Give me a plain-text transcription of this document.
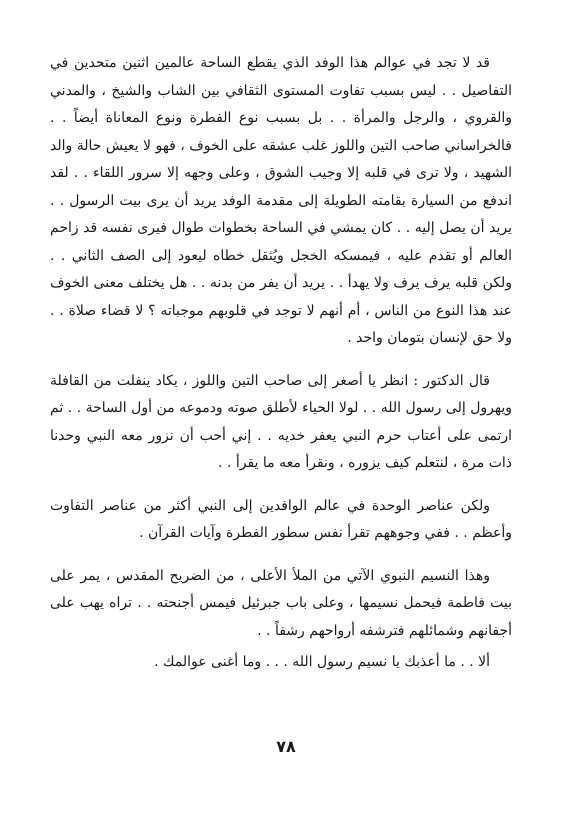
قد لا تجد في عوالم هذا الوفد الذي يقطع الساحة عالمين اثنين متحدين في التفاصيل . . ليس بسبب تفاوت المستوى الثقافي بين الشاب والشيخ ، والمدني والقروي ، والرجل والمرأة . . بل بسبب نوع الفطرة ونوع المعاناة أيضاً . . فالخراساني صاحب التين واللوز غلب عشقه على الخوف ، فهو لا يعيش حالة والد الشهيد ، ولا ترى في قلبه إلا وجيب الشوق ، وعلى وجهه إلا سرور اللقاء . . لقد اندفع من السيارة بقامته الطويلة إلى مقدمة الوفد يريد أن يرى بيت الرسول . . يريد أن يصل إليه . . كان يمشي في الساحة بخطوات طوال فيرى نفسه قد زاحم العالم أو تقدم عليه ، فيمسكه الخجل ويُثقل خطاه ليعود إلى الصف الثاني . . ولكن قلبه يرف يرف ولا يهدأ . . يريد أن يفر من بدنه . . هل يختلف معنى الخوف عند هذا النوع من الناس ، أم أنهم لا توجد في قلوبهم موجباته ؟ لا قضاء صلاة . . ولا حق لإنسان بتومان واحد .

قال الدكتور : انظر يا أصغر إلى صاحب التين واللوز ، يكاد ينفلت من القافلة ويهرول إلى رسول الله . . لولا الحياء لأطلق صوته ودموعه من أول الساحة . . ثم ارتمى على أعتاب حرم النبي يعفر خديه . . إني أحب أن نزور معه النبي وحدنا ذات مرة ، لنتعلم كيف يزوره ، ونقرأ معه ما يقرأ . .

ولكن عناصر الوحدة في عالم الوافدين إلى النبي أكثر من عناصر التفاوت وأعظم . . ففي وجوههم تقرأ نفس سطور الفطرة وآيات القرآن .

وهذا النسيم النبوي الآتي من الملأ الأعلى ، من الضريح المقدس ، يمر على بيت فاطمة فيحمل نسيمها ، وعلى باب جبرئيل فيمس أجنحته . . تراه يهب على أجفانهم وشمائلهم فترشفه أرواحهم رشفاً . .

ألا . . ما أعذبك يا نسيم رسول الله . . . وما أغنى عوالمك .

٧٨
